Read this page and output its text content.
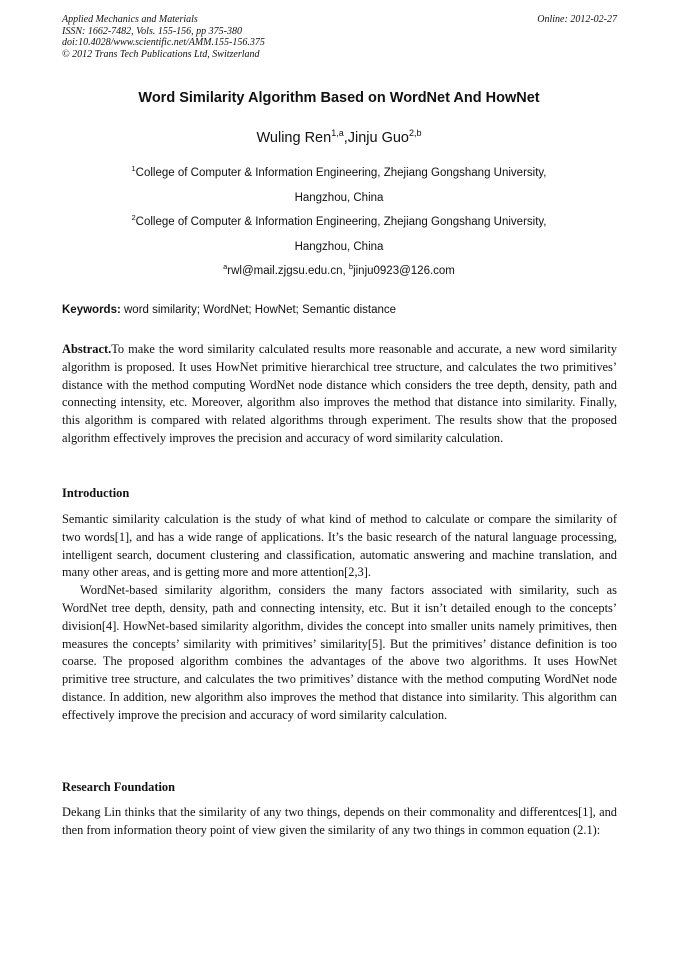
Applied Mechanics and Materials
ISSN: 1662-7482, Vols. 155-156, pp 375-380
doi:10.4028/www.scientific.net/AMM.155-156.375
© 2012 Trans Tech Publications Ltd, Switzerland
Online: 2012-02-27
Word Similarity Algorithm Based on WordNet And HowNet
Wuling Ren$^{1,a}$,Jinju Guo$^{2,b}$
$^1$College of Computer & Information Engineering, Zhejiang Gongshang University,
Hangzhou, China
$^2$College of Computer & Information Engineering, Zhejiang Gongshang University,
Hangzhou, China
$^a$rwl@mail.zjgsu.edu.cn, $^b$jinju0923@126.com
Keywords: word similarity; WordNet; HowNet; Semantic distance

Abstract.To make the word similarity calculated results more reasonable and accurate, a new word similarity algorithm is proposed. It uses HowNet primitive hierarchical tree structure, and calculates the two primitives’ distance with the method computing WordNet node distance which considers the tree depth, density, path and connecting intensity, etc. Moreover, algorithm also improves the method that distance into similarity. Finally, this algorithm is compared with related algorithms through experiment. The results show that the proposed algorithm effectively improves the precision and accuracy of word similarity calculation.

Introduction

Semantic similarity calculation is the study of what kind of method to calculate or compare the similarity of two words[1], and has a wide range of applications. It’s the basic research of the natural language processing, intelligent search, document clustering and classification, automatic answering and machine translation, and many other areas, and is getting more and more attention[2,3].

WordNet-based similarity algorithm, considers the many factors associated with similarity, such as WordNet tree depth, density, path and connecting intensity, etc. But it isn’t detailed enough to the concepts’ division[4]. HowNet-based similarity algorithm, divides the concept into smaller units namely primitives, then measures the concepts’ similarity with primitives’ similarity[5]. But the primitives’ distance definition is too coarse. The proposed algorithm combines the advantages of the above two algorithms. It uses HowNet primitive tree structure, and calculates the two primitives’ distance with the method computing WordNet node distance. In addition, new algorithm also improves the method that distance into similarity. This algorithm can effectively improve the precision and accuracy of word similarity calculation.

Research Foundation

Dekang Lin thinks that the similarity of any two things, depends on their commonality and differentces[1], and then from information theory point of view given the similarity of any two things in common equation (2.1):
